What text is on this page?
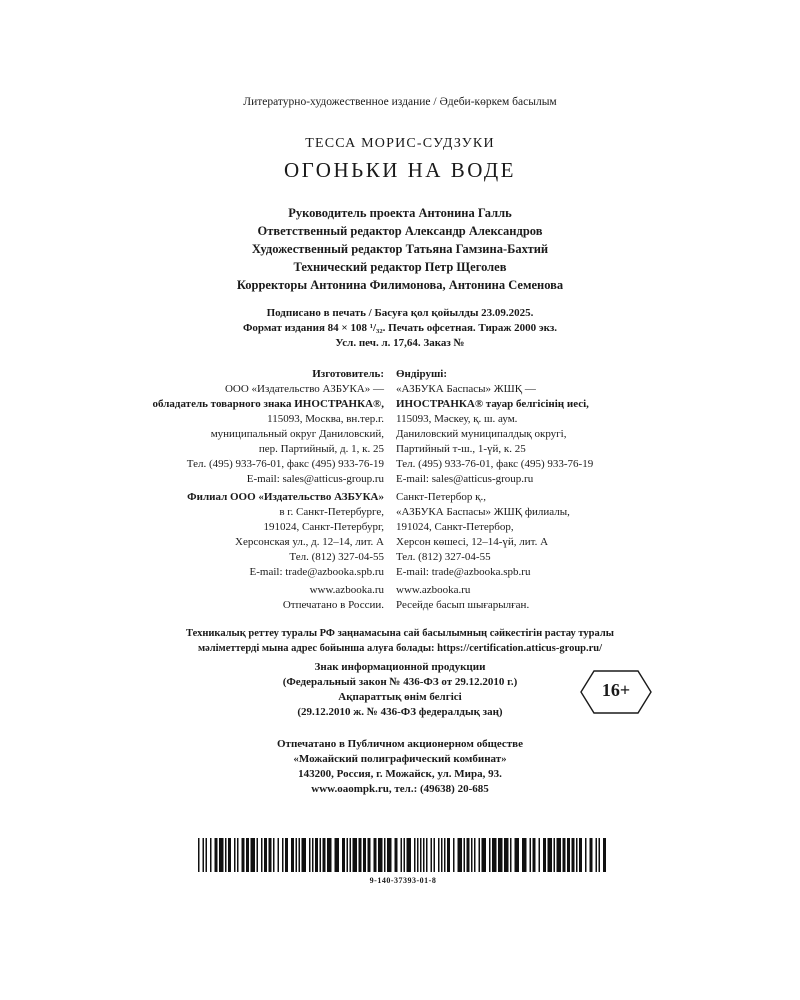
Литературно-художественное издание / Әдеби-көркем басылым
ТЕССА МОРИС-СУДЗУКИ
ОГОНЬКИ НА ВОДЕ
Руководитель проекта Антонина Галль
Ответственный редактор Александр Александров
Художественный редактор Татьяна Гамзина-Бахтий
Технический редактор Петр Щеголев
Корректоры Антонина Филимонова, Антонина Семенова
Подписано в печать / Басуға қол қойылды 23.09.2025.
Формат издания 84 × 108 ¹/₃₂. Печать офсетная. Тираж 2000 экз.
Усл. печ. л. 17,64. Заказ №
Изготовитель:
ООО «Издательство АЗБУКА» —
обладатель товарного знака ИНОСТРАНКА®,
115093, Москва, вн.тер.г.
муниципальный округ Даниловский,
пер. Партийный, д. 1, к. 25
Тел. (495) 933-76-01, факс (495) 933-76-19
E-mail: sales@atticus-group.ru
Филиал ООО «Издательство АЗБУКА»
в г. Санкт-Петербурге,
191024, Санкт-Петербург,
Херсонская ул., д. 12–14, лит. А
Тел. (812) 327-04-55
E-mail: trade@azbooka.spb.ru
www.azbooka.ru
Отпечатано в России.
Өндіруші:
«АЗБУКА Баспасы» ЖШҚ —
ИНОСТРАНКА® тауар белгісінің иесі,
115093, Мәскеу, қ. ш. аум.
Даниловский муниципалдық округі,
Партийный т-ш., 1-үй, к. 25
Тел. (495) 933-76-01, факс (495) 933-76-19
E-mail: sales@atticus-group.ru
Санкт-Петербор қ.,
«АЗБУКА Баспасы» ЖШҚ филиалы,
191024, Санкт-Петербор,
Херсон көшесі, 12–14-үй, лит. А
Тел. (812) 327-04-55
E-mail: trade@azbooka.spb.ru
www.azbooka.ru
Ресейде басып шығарылған.
Техникалық реттеу туралы РФ заңнамасына сай басылымның сәйкестігін растау туралы
мәліметтерді мына адрес бойынша алуға болады: https://certification.atticus-group.ru/
Знак информационной продукции
(Федеральный закон № 436-ФЗ от 29.12.2010 г.)
Ақпараттық өнім белгісі
(29.12.2010 ж. № 436-ФЗ федералдық заң)
16+
Отпечатано в Публичном акционерном обществе
«Можайский полиграфический комбинат»
143200, Россия, г. Можайск, ул. Мира, 93.
www.oaompk.ru, тел.: (49638) 20-685
9-140-37393-01-8
